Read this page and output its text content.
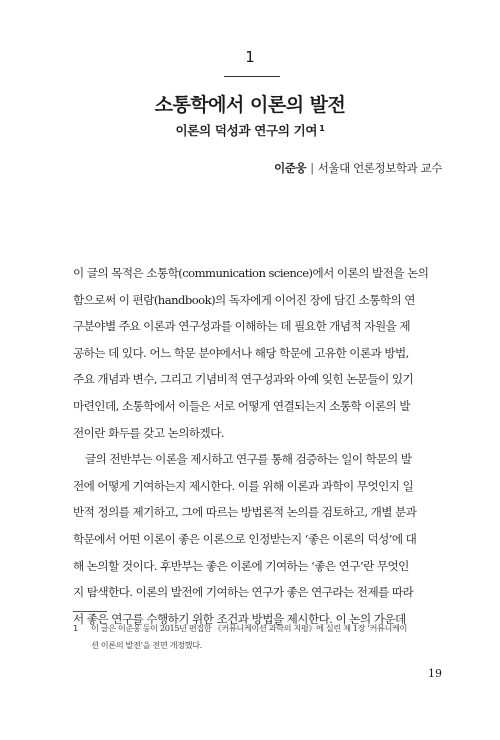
1
소통학에서 이론의 발전
이론의 덕성과 연구의 기여 $^1$
이준웅 | 서울대 언론정보학과 교수
이 글의 목적은 소통학(communication science)에서 이론의 발전을 논의
함으로써 이 편람(handbook)의 독자에게 이어진 장에 담긴 소통학의 연
구분야별 주요 이론과 연구성과를 이해하는 데 필요한 개념적 자원을 제
공하는 데 있다. 어느 학문 분야에서나 해당 학문에 고유한 이론과 방법,
주요 개념과 변수, 그리고 기념비적 연구성과와 아예 잊힌 논문들이 있기
마련인데, 소통학에서 이들은 서로 어떻게 연결되는지 소통학 이론의 발
전이란 화두를 갖고 논의하겠다.
글의 전반부는 이론을 제시하고 연구를 통해 검증하는 일이 학문의 발
전에 어떻게 기여하는지 제시한다. 이를 위해 이론과 과학이 무엇인지 일
반적 정의를 제기하고, 그에 따르는 방법론적 논의를 검토하고, 개별 분과
학문에서 어떤 이론이 좋은 이론으로 인정받는지 ‘좋은 이론의 덕성’에 대
해 논의할 것이다. 후반부는 좋은 이론에 기여하는 ‘좋은 연구’란 무엇인
지 탐색한다. 이론의 발전에 기여하는 연구가 좋은 연구라는 전제를 따라
서 좋은 연구를 수행하기 위한 조건과 방법을 제시한다. 이 논의 가운데
1 이 글은 이준웅 등이 2015년 편집한 《커뮤니케이션 과학의 지평》에 실린 제 1장 ‘커뮤니케이
션 이론의 발전’을 전면 개정했다.
19
